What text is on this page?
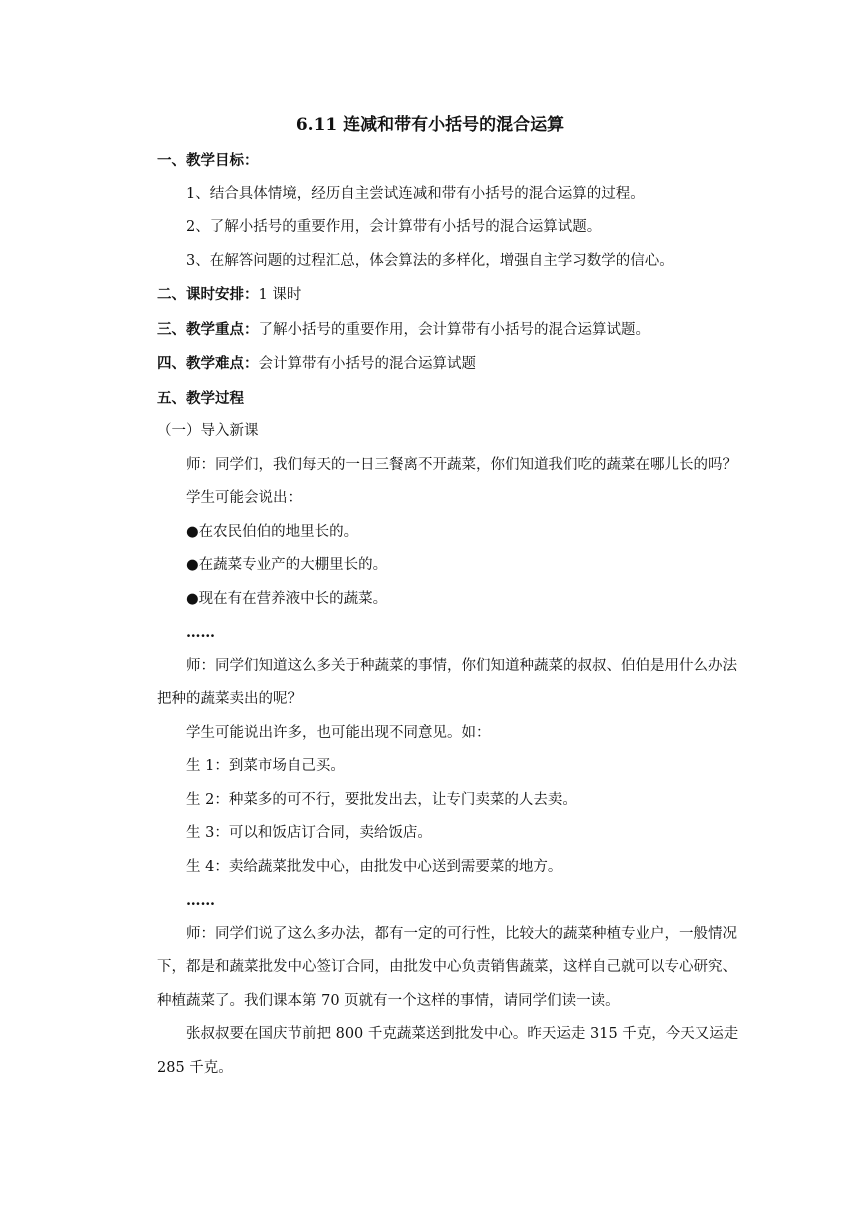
6.11 连减和带有小括号的混合运算

一、教学目标：

1、结合具体情境，经历自主尝试连减和带有小括号的混合运算的过程。

2、了解小括号的重要作用，会计算带有小括号的混合运算试题。

3、在解答问题的过程汇总，体会算法的多样化，增强自主学习数学的信心。

二、课时安排：1 课时

三、教学重点：了解小括号的重要作用，会计算带有小括号的混合运算试题。

四、教学难点：会计算带有小括号的混合运算试题

五、教学过程

（一）导入新课

师：同学们，我们每天的一日三餐离不开蔬菜，你们知道我们吃的蔬菜在哪儿长的吗？

学生可能会说出：

●在农民伯伯的地里长的。

●在蔬菜专业产的大棚里长的。

●现在有在营养液中长的蔬菜。

……

师：同学们知道这么多关于种蔬菜的事情，你们知道种蔬菜的叔叔、伯伯是用什么办法

把种的蔬菜卖出的呢？

学生可能说出许多，也可能出现不同意见。如：

生 1：到菜市场自己买。

生 2：种菜多的可不行，要批发出去，让专门卖菜的人去卖。

生 3：可以和饭店订合同，卖给饭店。

生 4：卖给蔬菜批发中心，由批发中心送到需要菜的地方。

……

师：同学们说了这么多办法，都有一定的可行性，比较大的蔬菜种植专业户，一般情况

下，都是和蔬菜批发中心签订合同，由批发中心负责销售蔬菜，这样自己就可以专心研究、

种植蔬菜了。我们课本第 70 页就有一个这样的事情，请同学们读一读。

张叔叔要在国庆节前把 800 千克蔬菜送到批发中心。昨天运走 315 千克，今天又运走

285 千克。
